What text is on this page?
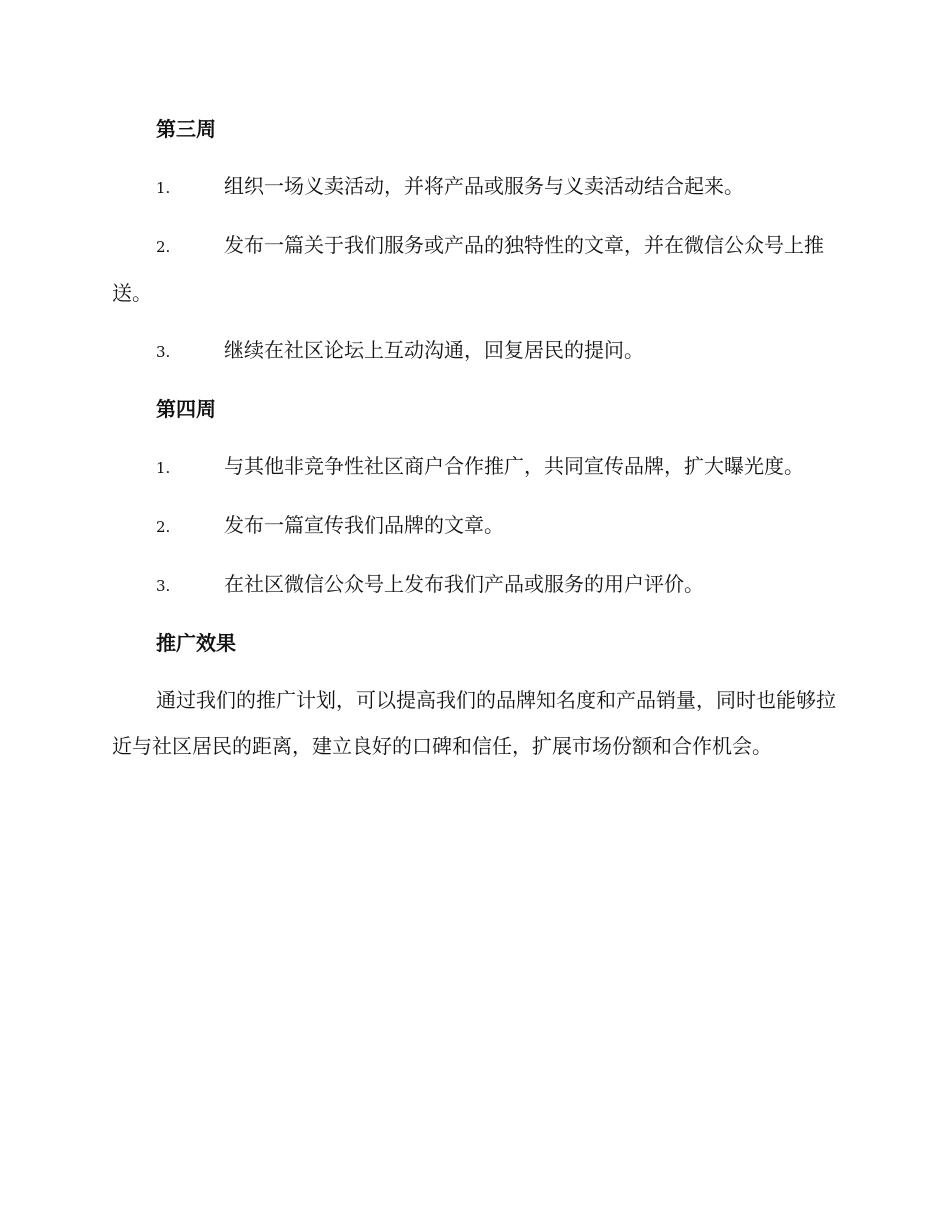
第三周

1.	组织一场义卖活动，并将产品或服务与义卖活动结合起来。

2.	发布一篇关于我们服务或产品的独特性的文章，并在微信公众号上推送。

3.	继续在社区论坛上互动沟通，回复居民的提问。

第四周

1.	与其他非竞争性社区商户合作推广，共同宣传品牌，扩大曝光度。

2.	发布一篇宣传我们品牌的文章。

3.	在社区微信公众号上发布我们产品或服务的用户评价。

推广效果

通过我们的推广计划，可以提高我们的品牌知名度和产品销量，同时也能够拉近与社区居民的距离，建立良好的口碑和信任，扩展市场份额和合作机会。
